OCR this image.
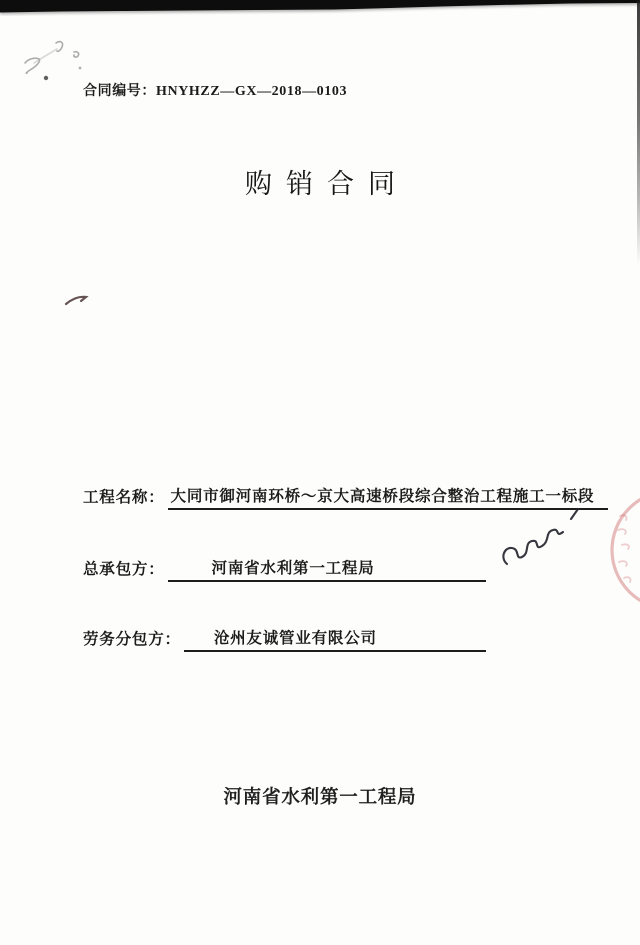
合同编号：HNYHZZ—GX—2018—0103
购销合同
工程名称： 大同市御河南环桥～京大高速桥段综合整治工程施工一标段
总承包方：	河南省水利第一工程局
劳务分包方： 沧州友诚管业有限公司
河南省水利第一工程局
